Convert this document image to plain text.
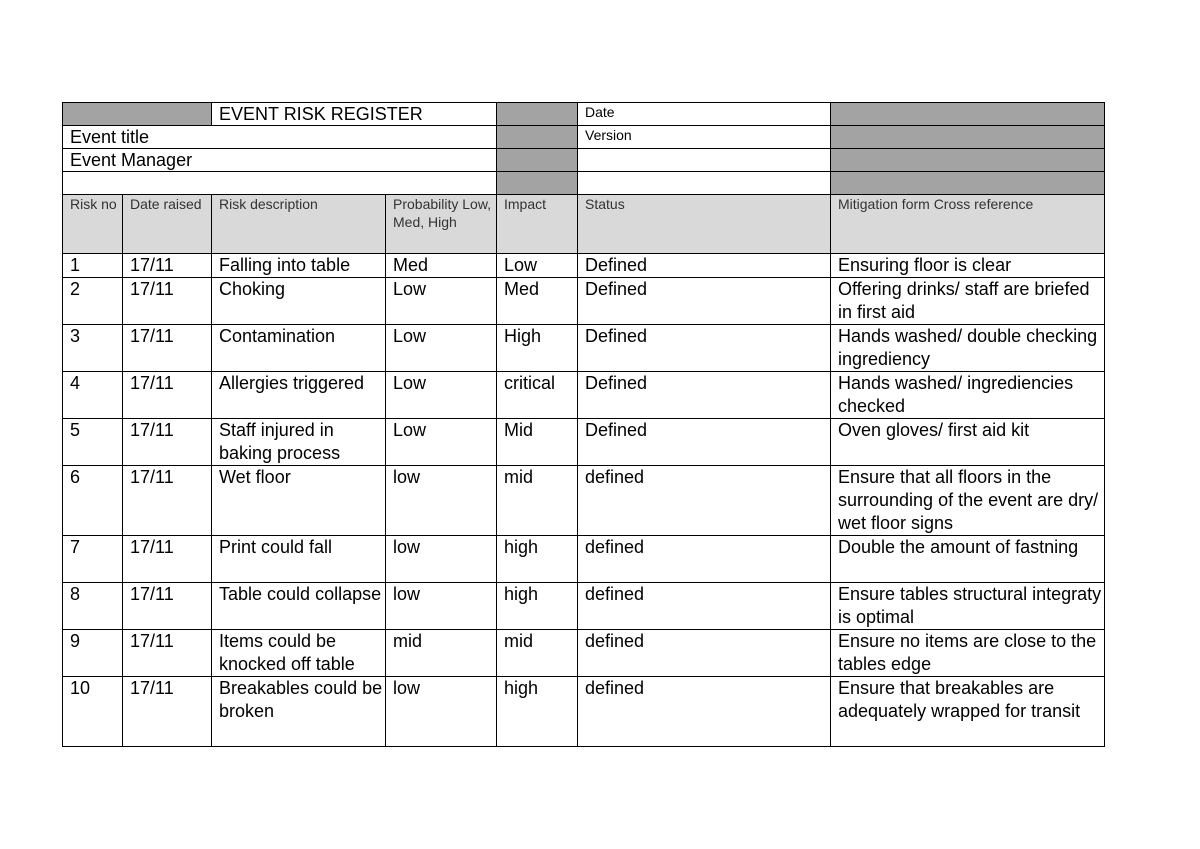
		EVENT RISK REGISTER			Date	
Event title					Version	
Event Manager						

Risk no	Date raised	Risk description	Probability Low, Med, High	Impact	Status	Mitigation form Cross reference
1	17/11	Falling into table	Med	Low	Defined	Ensuring floor is clear
2	17/11	Choking	Low	Med	Defined	Offering drinks/ staff are briefed in first aid
3	17/11	Contamination	Low	High	Defined	Hands washed/ double checking ingrediency
4	17/11	Allergies triggered	Low	critical	Defined	Hands washed/ ingrediencies checked
5	17/11	Staff injured in baking process	Low	Mid	Defined	Oven gloves/ first aid kit
6	17/11	Wet floor	low	mid	defined	Ensure that all floors in the surrounding of the event are dry/ wet floor signs
7	17/11	Print could fall	low	high	defined	Double the amount of fastning
8	17/11	Table could collapse	low	high	defined	Ensure tables structural integraty is optimal
9	17/11	Items could be knocked off table	mid	mid	defined	Ensure no items are close to the tables edge
10	17/11	Breakables could be broken	low	high	defined	Ensure that breakables are adequately wrapped for transit
